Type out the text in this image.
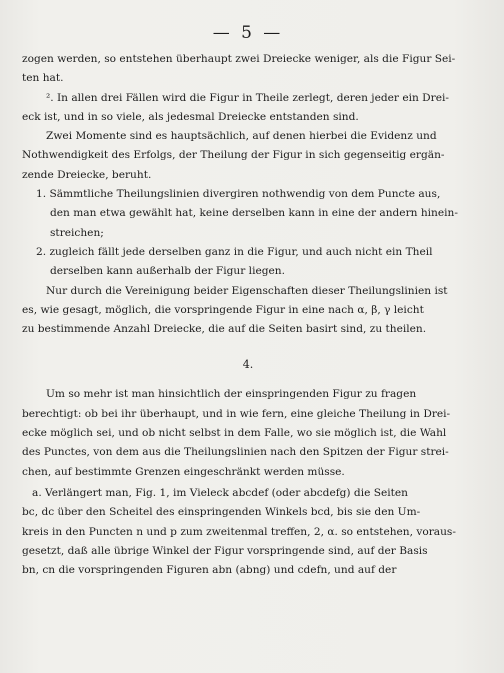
— 5 —

zogen werden, so entstehen überhaupt zwei Dreiecke weniger, als die Figur Sei-
ten hat.

². In allen drei Fällen wird die Figur in Theile zerlegt, deren jeder ein Drei-
eck ist, und in so viele, als jedesmal Dreiecke entstanden sind.

Zwei Momente sind es hauptsächlich, auf denen hierbei die Evidenz und
Nothwendigkeit des Erfolgs, der Theilung der Figur in sich gegenseitig ergän-
zende Dreiecke, beruht.

1. Sämmtliche Theilungslinien divergiren nothwendig von dem Puncte aus,
den man etwa gewählt hat, keine derselben kann in eine der andern hinein-
streichen;
2. zugleich fällt jede derselben ganz in die Figur, und auch nicht ein Theil
derselben kann außerhalb der Figur liegen.

Nur durch die Vereinigung beider Eigenschaften dieser Theilungslinien ist
es, wie gesagt, möglich, die vorspringende Figur in eine nach α, β, γ leicht
zu bestimmende Anzahl Dreiecke, die auf die Seiten basirt sind, zu theilen.

4.

Um so mehr ist man hinsichtlich der einspringenden Figur zu fragen
berechtigt: ob bei ihr überhaupt, und in wie fern, eine gleiche Theilung in Drei-
ecke möglich sei, und ob nicht selbst in dem Falle, wo sie möglich ist, die Wahl
des Punctes, von dem aus die Theilungslinien nach den Spitzen der Figur strei-
chen, auf bestimmte Grenzen eingeschränkt werden müsse.

a. Verlängert man, Fig. 1, im Vieleck abcdef (oder abcdefg) die Seiten
bc, dc über den Scheitel des einspringenden Winkels bcd, bis sie den Um-
kreis in den Puncten n und p zum zweitenmal treffen, 2, α. so entstehen, voraus-
gesetzt, daß alle übrige Winkel der Figur vorspringende sind, auf der Basis
bn, cn die vorspringenden Figuren abn (abng) und cdefn, und auf der
